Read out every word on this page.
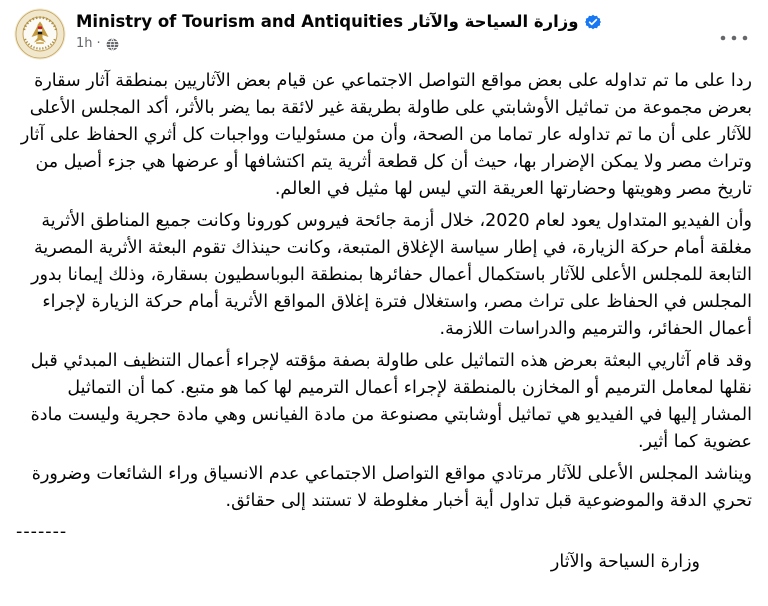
Ministry of Tourism and Antiquities وزارة السياحة والآثار
1h ·

ردا على ما تم تداوله على بعض مواقع التواصل الاجتماعي عن قيام بعض الآثاريين بمنطقة آثار سقارة بعرض مجموعة من تماثيل الأوشابتي على طاولة بطريقة غير لائقة بما يضر بالأثر، أكد المجلس الأعلى للآثار على أن ما تم تداوله عار تماما من الصحة، وأن من مسئوليات وواجبات كل أثري الحفاظ على آثار وتراث مصر ولا يمكن الإضرار بها، حيث أن كل قطعة أثرية يتم اكتشافها أو عرضها هي جزء أصيل من تاريخ مصر وهويتها وحضارتها العريقة التي ليس لها مثيل في العالم.

وأن الفيديو المتداول يعود لعام 2020، خلال أزمة جائحة فيروس كورونا وكانت جميع المناطق الأثرية مغلقة أمام حركة الزيارة، في إطار سياسة الإغلاق المتبعة، وكانت حينذاك تقوم البعثة الأثرية المصرية التابعة للمجلس الأعلى للآثار باستكمال أعمال حفائرها بمنطقة البوباسطيون بسقارة، وذلك إيمانا بدور المجلس في الحفاظ على تراث مصر، واستغلال فترة إغلاق المواقع الأثرية أمام حركة الزيارة لإجراء أعمال الحفائر، والترميم والدراسات اللازمة.

وقد قام آثاريي البعثة بعرض هذه التماثيل على طاولة بصفة مؤقته لإجراء أعمال التنظيف المبدئي قبل نقلها لمعامل الترميم أو المخازن بالمنطقة لإجراء أعمال الترميم لها كما هو متبع. كما أن التماثيل المشار إليها في الفيديو هي تماثيل أوشابتي مصنوعة من مادة الفيانس وهي مادة حجرية وليست مادة عضوية كما أثير.

ويناشد المجلس الأعلى للآثار مرتادي مواقع التواصل الاجتماعي عدم الانسياق وراء الشائعات وضرورة تحري الدقة والموضوعية قبل تداول أية أخبار مغلوطة لا تستند إلى حقائق.

-------

وزارة السياحة والآثار
